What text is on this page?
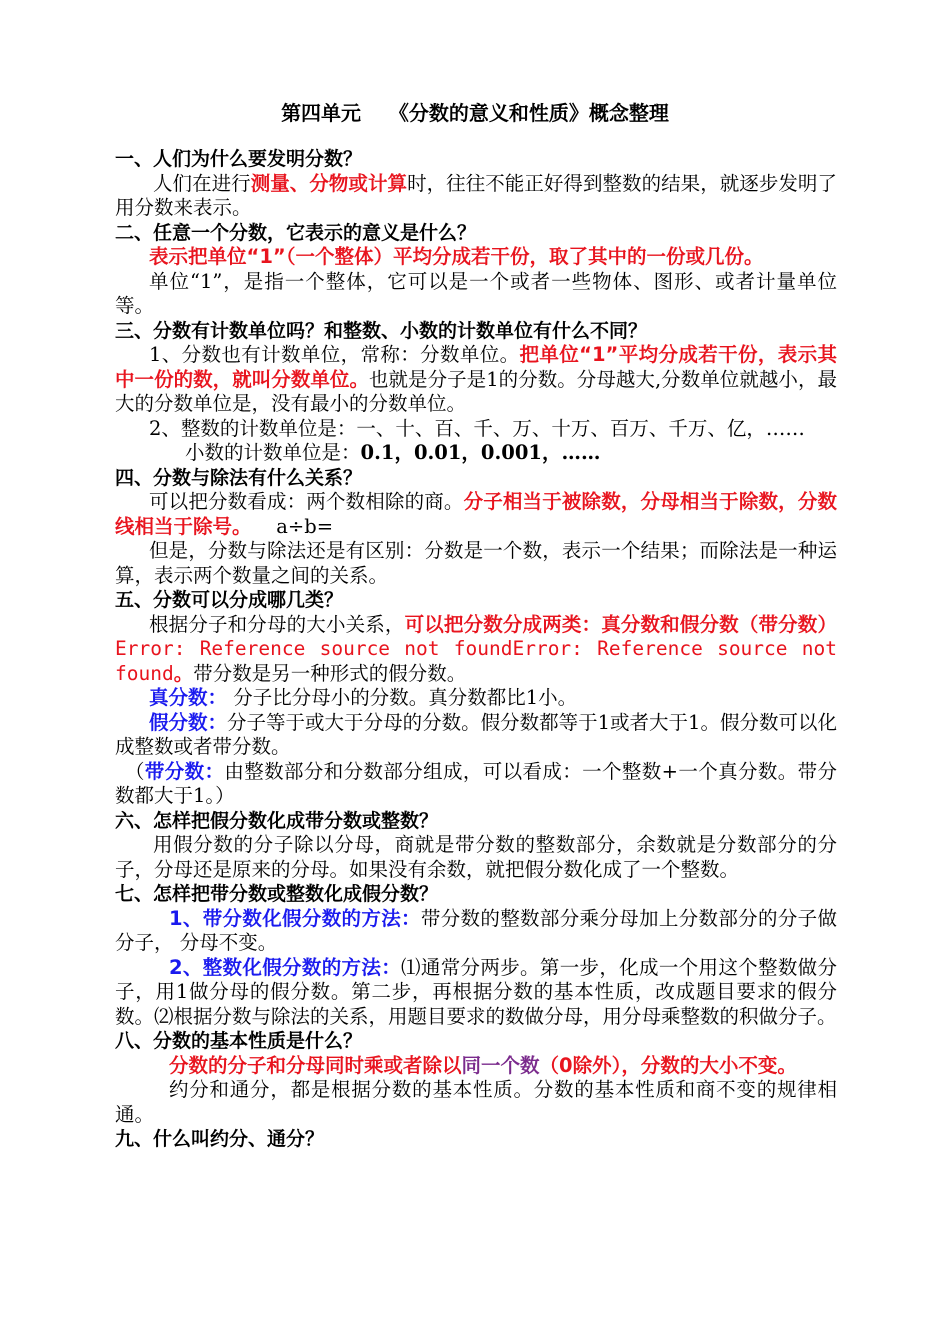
第四单元    《分数的意义和性质》概念整理

一、人们为什么要发明分数？

人们在进行测量、分物或计算时，往往不能正好得到整数的结果，就逐步发明了用分数来表示。

二、任意一个分数，它表示的意义是什么？

表示把单位“1”（一个整体）平均分成若干份，取了其中的一份或几份。

单位“1”，是指一个整体，它可以是一个或者一些物体、图形、或者计量单位等。

三、分数有计数单位吗？和整数、小数的计数单位有什么不同？

1、分数也有计数单位，常称：分数单位。把单位“1”平均分成若干份，表示其中一份的数，就叫分数单位。也就是分子是1的分数。分母越大,分数单位就越小，最大的分数单位是，没有最小的分数单位。

2、整数的计数单位是：一、十、百、千、万、十万、百万、千万、亿，……

小数的计数单位是：0.1，0.01，0.001，……

四、分数与除法有什么关系？

可以把分数看成：两个数相除的商。分子相当于被除数，分母相当于除数，分数线相当于除号。    a÷b=

但是，分数与除法还是有区别：分数是一个数，表示一个结果；而除法是一种运算，表示两个数量之间的关系。

五、分数可以分成哪几类？

根据分子和分母的大小关系，可以把分数分成两类：真分数和假分数（带分数）Error: Reference source not foundError: Reference source not found。带分数是另一种形式的假分数。

真分数： 分子比分母小的分数。真分数都比1小。

假分数：分子等于或大于分母的分数。假分数都等于1或者大于1。假分数可以化成整数或者带分数。

（带分数：由整数部分和分数部分组成，可以看成：一个整数+一个真分数。带分数都大于1。）

六、怎样把假分数化成带分数或整数？

用假分数的分子除以分母，商就是带分数的整数部分，余数就是分数部分的分子，分母还是原来的分母。如果没有余数，就把假分数化成了一个整数。

七、怎样把带分数或整数化成假分数？

1、带分数化假分数的方法：带分数的整数部分乘分母加上分数部分的分子做分子， 分母不变。

2、整数化假分数的方法：⑴通常分两步。第一步，化成一个用这个整数做分子，用1做分母的假分数。第二步，再根据分数的基本性质，改成题目要求的假分数。⑵根据分数与除法的关系，用题目要求的数做分母，用分母乘整数的积做分子。

八、分数的基本性质是什么？

分数的分子和分母同时乘或者除以同一个数（0除外），分数的大小不变。

约分和通分，都是根据分数的基本性质。分数的基本性质和商不变的规律相通。

九、什么叫约分、通分？
